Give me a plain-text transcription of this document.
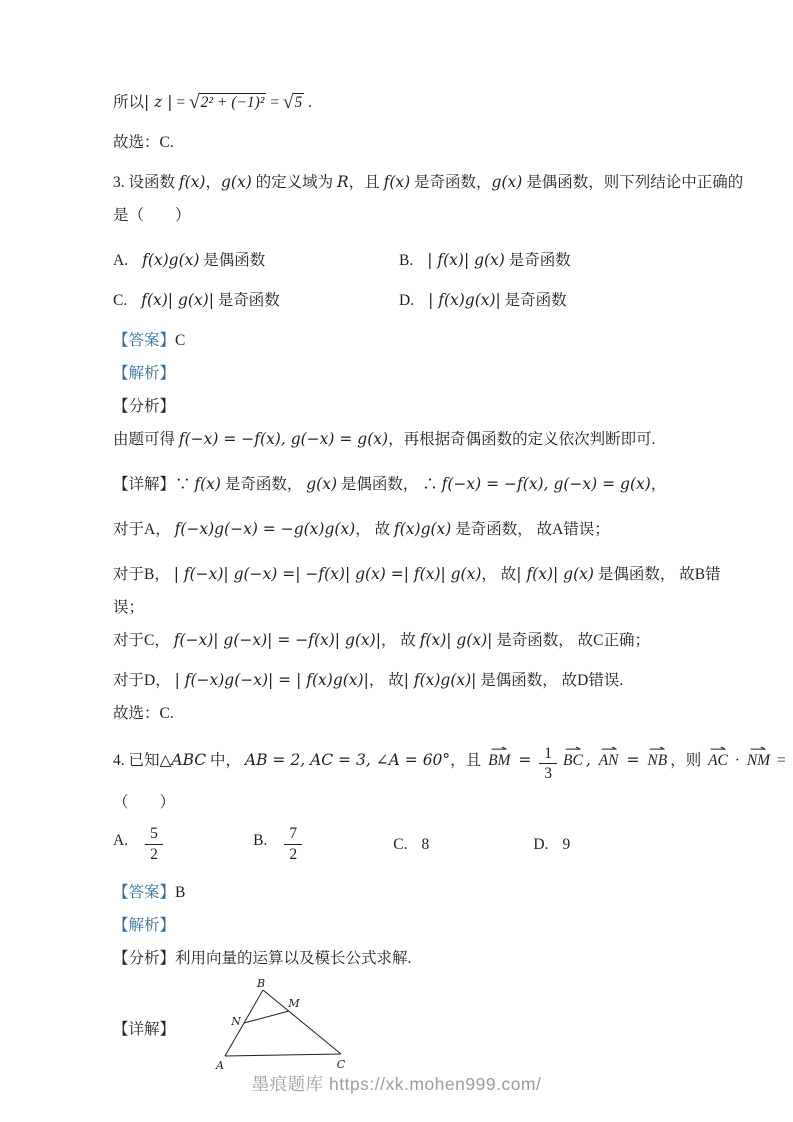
所以| z | = √ 2² + (−1)² = √ 5 .

故选：C.

3. 设函数 f(x)，g(x) 的定义域为 R，且 f(x) 是奇函数，g(x) 是偶函数，则下列结论中正确的

是（　　）

A. f(x)g(x) 是偶函数	B. | f(x)| g(x) 是奇函数
C. f(x)| g(x)| 是奇函数	D. | f(x)g(x)| 是奇函数

【答案】C

【解析】

【分析】

由题可得 f(−x) = −f(x), g(−x) = g(x)，再根据奇偶函数的定义依次判断即可.

【详解】∵ f(x) 是奇函数， g(x) 是偶函数， ∴ f(−x) = −f(x), g(−x) = g(x)，

对于A， f(−x)g(−x) = −g(x)g(x)， 故 f(x)g(x) 是奇函数， 故A错误；

对于B， | f(−x)| g(−x) =| −f(x)| g(x) =| f(x)| g(x)， 故| f(x)| g(x) 是偶函数， 故B错

误；

对于C， f(−x)| g(−x)| = −f(x)| g(x)|， 故 f(x)| g(x)| 是奇函数， 故C正确；

对于D， | f(−x)g(−x)| = | f(x)g(x)|， 故| f(x)g(x)| 是偶函数， 故D错误.

故选：C.

4. 已知△ABC 中， AB = 2, AC = 3, ∠A = 60°，且 ⇀ BM = $\frac{1}{3}$ ⇀ BC , ⇀ AN = ⇀ NB ，则 ⇀ AC · ⇀ NM =

（　　）

A. $\frac{5}{2}$	B. $\frac{7}{2}$	C. 8	D. 9

【答案】B

【解析】

【分析】利用向量的运算以及模长公式求解.

【详解】
B
A	C
N
M
墨痕题库 https://xk.mohen999.com/
